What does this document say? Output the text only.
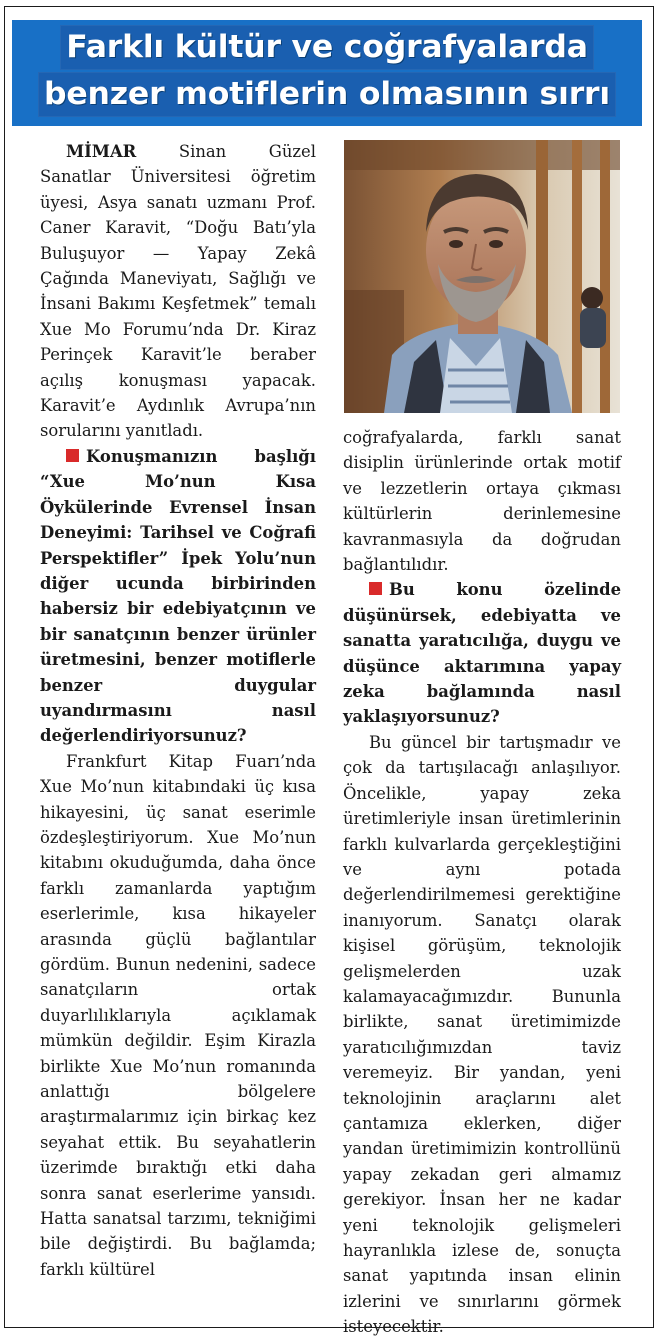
Farklı kültür ve coğrafyalarda
benzer motiflerin olmasının sırrı

MİMAR	Sinan Güzel Sanatlar Üniversitesi öğretim üyesi, Asya sanatı uzmanı Prof. Caner Karavit, “Doğu Batı’yla Buluşuyor — Yapay Zekâ Çağında Maneviyatı, Sağlığı ve İnsani Bakımı Keşfetmek” temalı Xue Mo Forumu’nda Dr. Kiraz Perinçek Karavit’le beraber açılış konuşması yapacak. Karavit’e Aydınlık Avrupa’nın sorularını yanıtladı.

Konuşmanızın başlığı “Xue Mo’nun Kısa Öykülerinde Evrensel İnsan Deneyimi: Tarihsel ve Coğrafi Perspektifler” İpek Yolu’nun diğer ucunda birbirinden habersiz bir edebiyatçının ve bir sanatçının benzer ürünler üretmesini, benzer motiflerle benzer duygular uyandırmasını nasıl değerlendiriyorsunuz?

Frankfurt Kitap Fuarı’nda Xue Mo’nun kitabındaki üç kısa hikayesini, üç sanat eserimle özdeşleştiriyorum. Xue Mo’nun kitabını okuduğumda, daha önce farklı zamanlarda yaptığım eserlerimle, kısa hikayeler arasında güçlü bağlantılar gördüm. Bunun nedenini, sadece sanatçıların ortak duyarlılıklarıyla açıklamak mümkün değildir. Eşim Kirazla birlikte Xue Mo’nun romanında anlattığı bölgelere araştırmalarımız için birkaç kez seyahat ettik. Bu seyahatlerin üzerimde bıraktığı etki daha sonra sanat eserlerime yansıdı. Hatta sanatsal tarzımı, tekniğimi bile değiştirdi. Bu bağlamda; farklı kültürel

coğrafyalarda, farklı sanat disiplin ürünlerinde ortak motif ve lezzetlerin ortaya çıkması kültürlerin derinlemesine kavranmasıyla da doğrudan bağlantılıdır.

Bu konu özelinde düşünürsek, edebiyatta ve sanatta yaratıcılığa, duygu ve düşünce aktarımına yapay zeka bağlamında nasıl yaklaşıyorsunuz?

Bu güncel bir tartışmadır ve çok da tartışılacağı anlaşılıyor. Öncelikle, yapay zeka üretimleriyle insan üretimlerinin farklı kulvarlarda gerçekleştiğini ve aynı potada değerlendirilmemesi gerektiğine inanıyorum. Sanatçı olarak kişisel görüşüm, teknolojik gelişmelerden uzak kalamayacağımızdır. Bununla birlikte, sanat üretimimizde yaratıcılığımızdan taviz veremeyiz. Bir yandan, yeni teknolojinin araçlarını alet çantamıza eklerken, diğer yandan üretimimizin kontrollünü yapay zekadan geri almamız gerekiyor. İnsan her ne kadar yeni teknolojik gelişmeleri hayranlıkla izlese de, sonuçta sanat yapıtında insan elinin izlerini ve sınırlarını görmek isteyecektir.
